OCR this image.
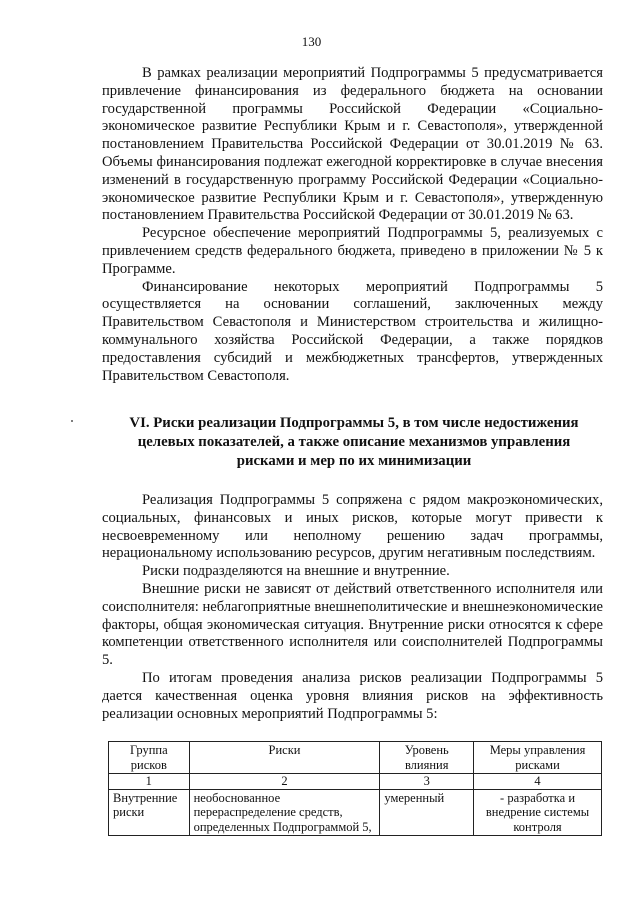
130

В рамках реализации мероприятий Подпрограммы 5 предусматривается привлечение финансирования из федерального бюджета на основании государственной программы Российской Федерации «Социально-экономическое развитие Республики Крым и г. Севастополя», утвержденной постановлением Правительства Российской Федерации от 30.01.2019 № 63. Объемы финансирования подлежат ежегодной корректировке в случае внесения изменений в государственную программу Российской Федерации «Социально-экономическое развитие Республики Крым и г. Севастополя», утвержденную постановлением Правительства Российской Федерации от 30.01.2019 № 63.

Ресурсное обеспечение мероприятий Подпрограммы 5, реализуемых с привлечением средств федерального бюджета, приведено в приложении № 5 к Программе.

Финансирование некоторых мероприятий Подпрограммы 5 осуществляется на основании соглашений, заключенных между Правительством Севастополя и Министерством строительства и жилищно-коммунального хозяйства Российской Федерации, а также порядков предоставления субсидий и межбюджетных трансфертов, утвержденных Правительством Севастополя.

VI. Риски реализации Подпрограммы 5, в том числе недостижения целевых показателей, а также описание механизмов управления рисками и мер по их минимизации

Реализация Подпрограммы 5 сопряжена с рядом макроэкономических, социальных, финансовых и иных рисков, которые могут привести к несвоевременному или неполному решению задач программы, нерациональному использованию ресурсов, другим негативным последствиям.

Риски подразделяются на внешние и внутренние.

Внешние риски не зависят от действий ответственного исполнителя или соисполнителя: неблагоприятные внешнеполитические и внешнеэкономические факторы, общая экономическая ситуация. Внутренние риски относятся к сфере компетенции ответственного исполнителя или соисполнителей Подпрограммы 5.

По итогам проведения анализа рисков реализации Подпрограммы 5 дается качественная оценка уровня влияния рисков на эффективность реализации основных мероприятий Подпрограммы 5:

Группа рисков	Риски	Уровень влияния	Меры управления рисками
1	2	3	4
Внутренние риски	необоснованное перераспределение средств, определенных Подпрограммой 5,	умеренный	- разработка и внедрение системы контроля
